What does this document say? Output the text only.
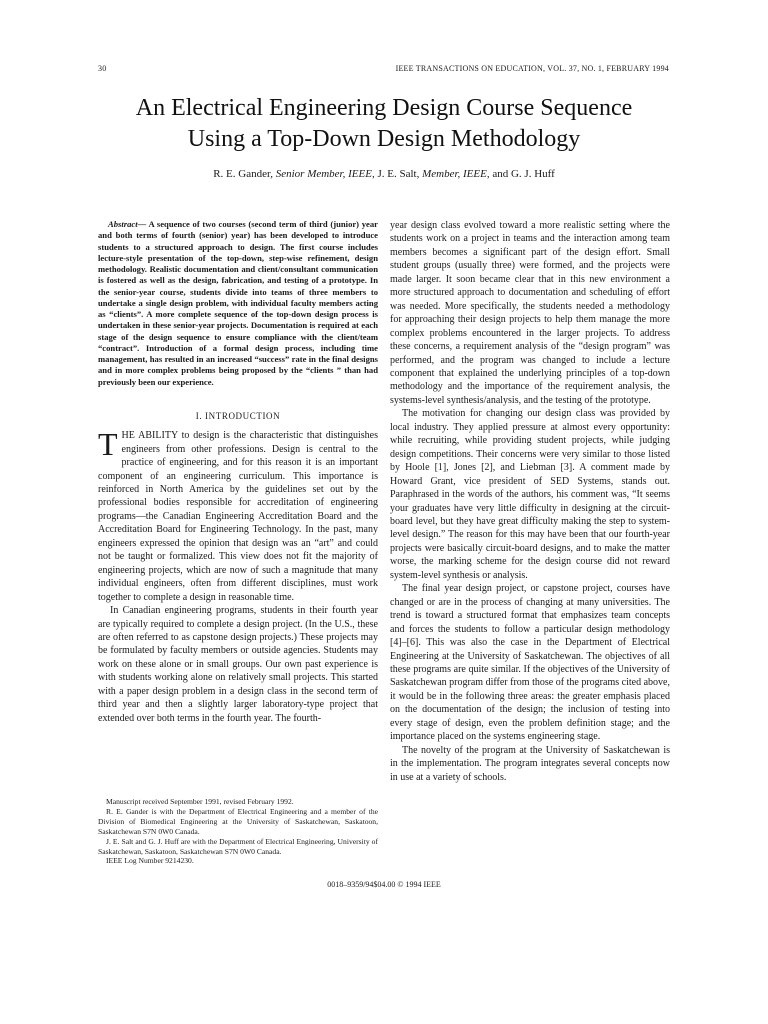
30	IEEE TRANSACTIONS ON EDUCATION, VOL. 37, NO. 1, FEBRUARY 1994
An Electrical Engineering Design Course Sequence
Using a Top-Down Design Methodology
R. E. Gander, Senior Member, IEEE, J. E. Salt, Member, IEEE, and G. J. Huff

Abstract— A sequence of two courses (second term of third (junior) year and both terms of fourth (senior) year) has been developed to introduce students to a structured approach to design. The first course includes lecture-style presentation of the top-down, step-wise refinement, design methodology. Realistic documentation and client/consultant communication is fostered as well as the design, fabrication, and testing of a prototype. In the senior-year course, students divide into teams of three members to undertake a single design problem, with individual faculty members acting as “clients”. A more complete sequence of the top-down design process is undertaken in these senior-year projects. Documentation is required at each stage of the design sequence to ensure compliance with the client/team “contract”. Introduction of a formal design process, including time management, has resulted in an increased “success” rate in the final designs and in more complex problems being proposed by the “clients ” than had previously been our experience.

I. INTRODUCTION

THE ABILITY to design is the characteristic that distinguishes engineers from other professions. Design is central to the practice of engineering, and for this reason it is an important component of an engineering curriculum. This importance is reinforced in North America by the guidelines set out by the professional bodies responsible for accreditation of engineering programs—the Canadian Engineering Accreditation Board and the Accreditation Board for Engineering Technology. In the past, many engineers expressed the opinion that design was an “art” and could not be taught or formalized. This view does not fit the majority of engineering projects, which are now of such a magnitude that many individual engineers, often from different disciplines, must work together to complete a design in reasonable time.

In Canadian engineering programs, students in their fourth year are typically required to complete a design project. (In the U.S., these are often referred to as capstone design projects.) These projects may be formulated by faculty members or outside agencies. Students may work on these alone or in small groups. Our own past experience is with students working alone on relatively small projects. This started with a paper design problem in a design class in the second term of third year and then a slightly larger laboratory-type project that extended over both terms in the fourth year. The fourth-

Manuscript received September 1991, revised February 1992.

R. E. Gander is with the Department of Electrical Engineering and a member of the Division of Biomedical Engineering at the University of Saskatchewan, Saskatoon, Saskatchewan S7N 0W0 Canada.

J. E. Salt and G. J. Huff are with the Department of Electrical Engineering, University of Saskatchewan, Saskatoon, Saskatchewan S7N 0W0 Canada.

IEEE Log Number 9214230.

year design class evolved toward a more realistic setting where the students work on a project in teams and the interaction among team members becomes a significant part of the design effort. Small student groups (usually three) were formed, and the projects were made larger. It soon became clear that in this new environment a more structured approach to documentation and scheduling of effort was needed. More specifically, the students needed a methodology for approaching their design projects to help them manage the more complex problems encountered in the larger projects. To address these concerns, a requirement analysis of the “design program” was performed, and the program was changed to include a lecture component that explained the underlying principles of a top-down methodology and the importance of the requirement analysis, the systems-level synthesis/analysis, and the testing of the prototype.

The motivation for changing our design class was provided by local industry. They applied pressure at almost every opportunity: while recruiting, while providing student projects, while judging design competitions. Their concerns were very similar to those listed by Hoole [1], Jones [2], and Liebman [3]. A comment made by Howard Grant, vice president of SED Systems, stands out. Paraphrased in the words of the authors, his comment was, “It seems your graduates have very little difficulty in designing at the circuit-board level, but they have great difficulty making the step to system-level design.” The reason for this may have been that our fourth-year projects were basically circuit-board designs, and to make the matter worse, the marking scheme for the design course did not reward system-level synthesis or analysis.

The final year design project, or capstone project, courses have changed or are in the process of changing at many universities. The trend is toward a structured format that emphasizes team concepts and forces the students to follow a particular design methodology [4]–[6]. This was also the case in the Department of Electrical Engineering at the University of Saskatchewan. The objectives of all these programs are quite similar. If the objectives of the University of Saskatchewan program differ from those of the programs cited above, it would be in the following three areas: the greater emphasis placed on the documentation of the design; the inclusion of testing into every stage of design, even the problem definition stage; and the importance placed on the systems engineering stage.

The novelty of the program at the University of Saskatchewan is in the implementation. The program integrates several concepts now in use at a variety of schools.

0018–9359/94$04.00 © 1994 IEEE
